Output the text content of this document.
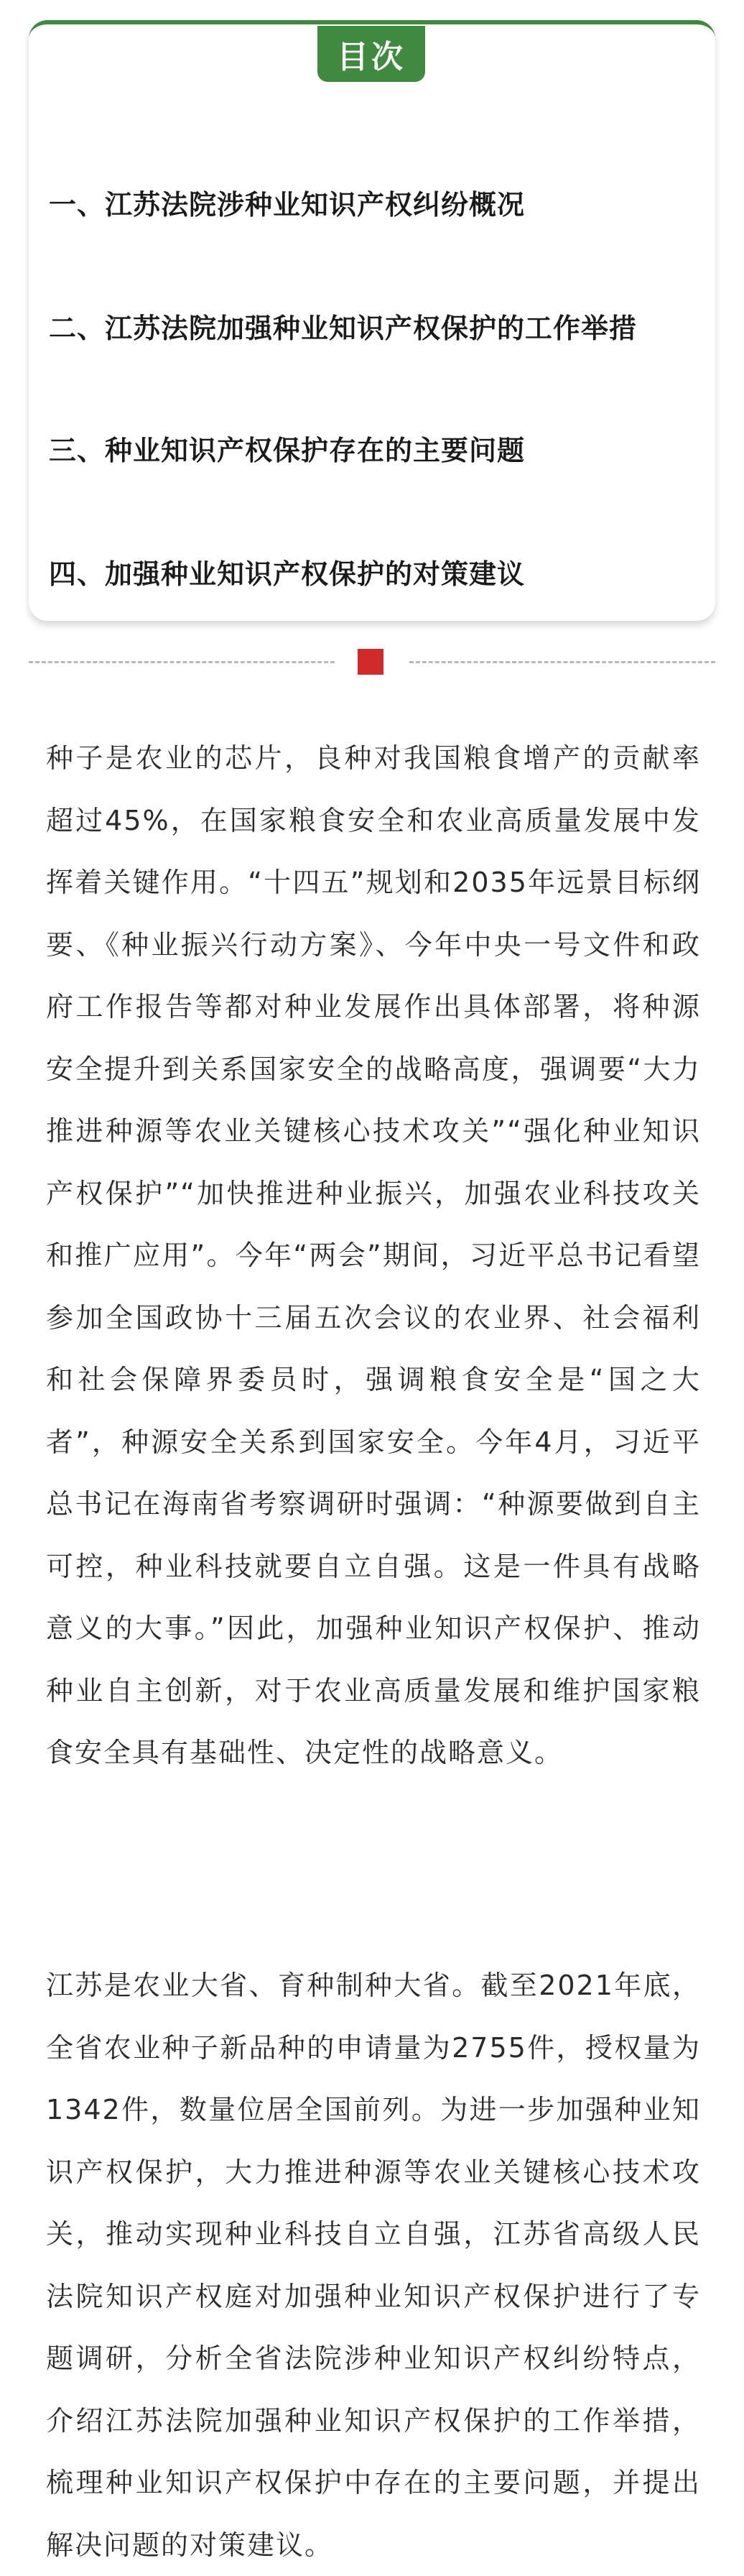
目次
一、江苏法院涉种业知识产权纠纷概况
二、江苏法院加强种业知识产权保护的工作举措
三、种业知识产权保护存在的主要问题
四、加强种业知识产权保护的对策建议
种子是农业的芯片，良种对我国粮食增产的贡献率超过45%，在国家粮食安全和农业高质量发展中发挥着关键作用。“十四五”规划和2035年远景目标纲要、《种业振兴行动方案》、今年中央一号文件和政府工作报告等都对种业发展作出具体部署，将种源安全提升到关系国家安全的战略高度，强调要“大力推进种源等农业关键核心技术攻关”“强化种业知识产权保护”“加快推进种业振兴，加强农业科技攻关和推广应用”。今年“两会”期间，习近平总书记看望参加全国政协十三届五次会议的农业界、社会福利和社会保障界委员时，强调粮食安全是“国之大者”，种源安全关系到国家安全。今年4月，习近平总书记在海南省考察调研时强调：“种源要做到自主可控，种业科技就要自立自强。这是一件具有战略意义的大事。”因此，加强种业知识产权保护、推动种业自主创新，对于农业高质量发展和维护国家粮食安全具有基础性、决定性的战略意义。
江苏是农业大省、育种制种大省。截至2021年底，全省农业种子新品种的申请量为2755件，授权量为1342件，数量位居全国前列。为进一步加强种业知识产权保护，大力推进种源等农业关键核心技术攻关，推动实现种业科技自立自强，江苏省高级人民法院知识产权庭对加强种业知识产权保护进行了专题调研，分析全省法院涉种业知识产权纠纷特点，介绍江苏法院加强种业知识产权保护的工作举措，梳理种业知识产权保护中存在的主要问题，并提出解决问题的对策建议。
